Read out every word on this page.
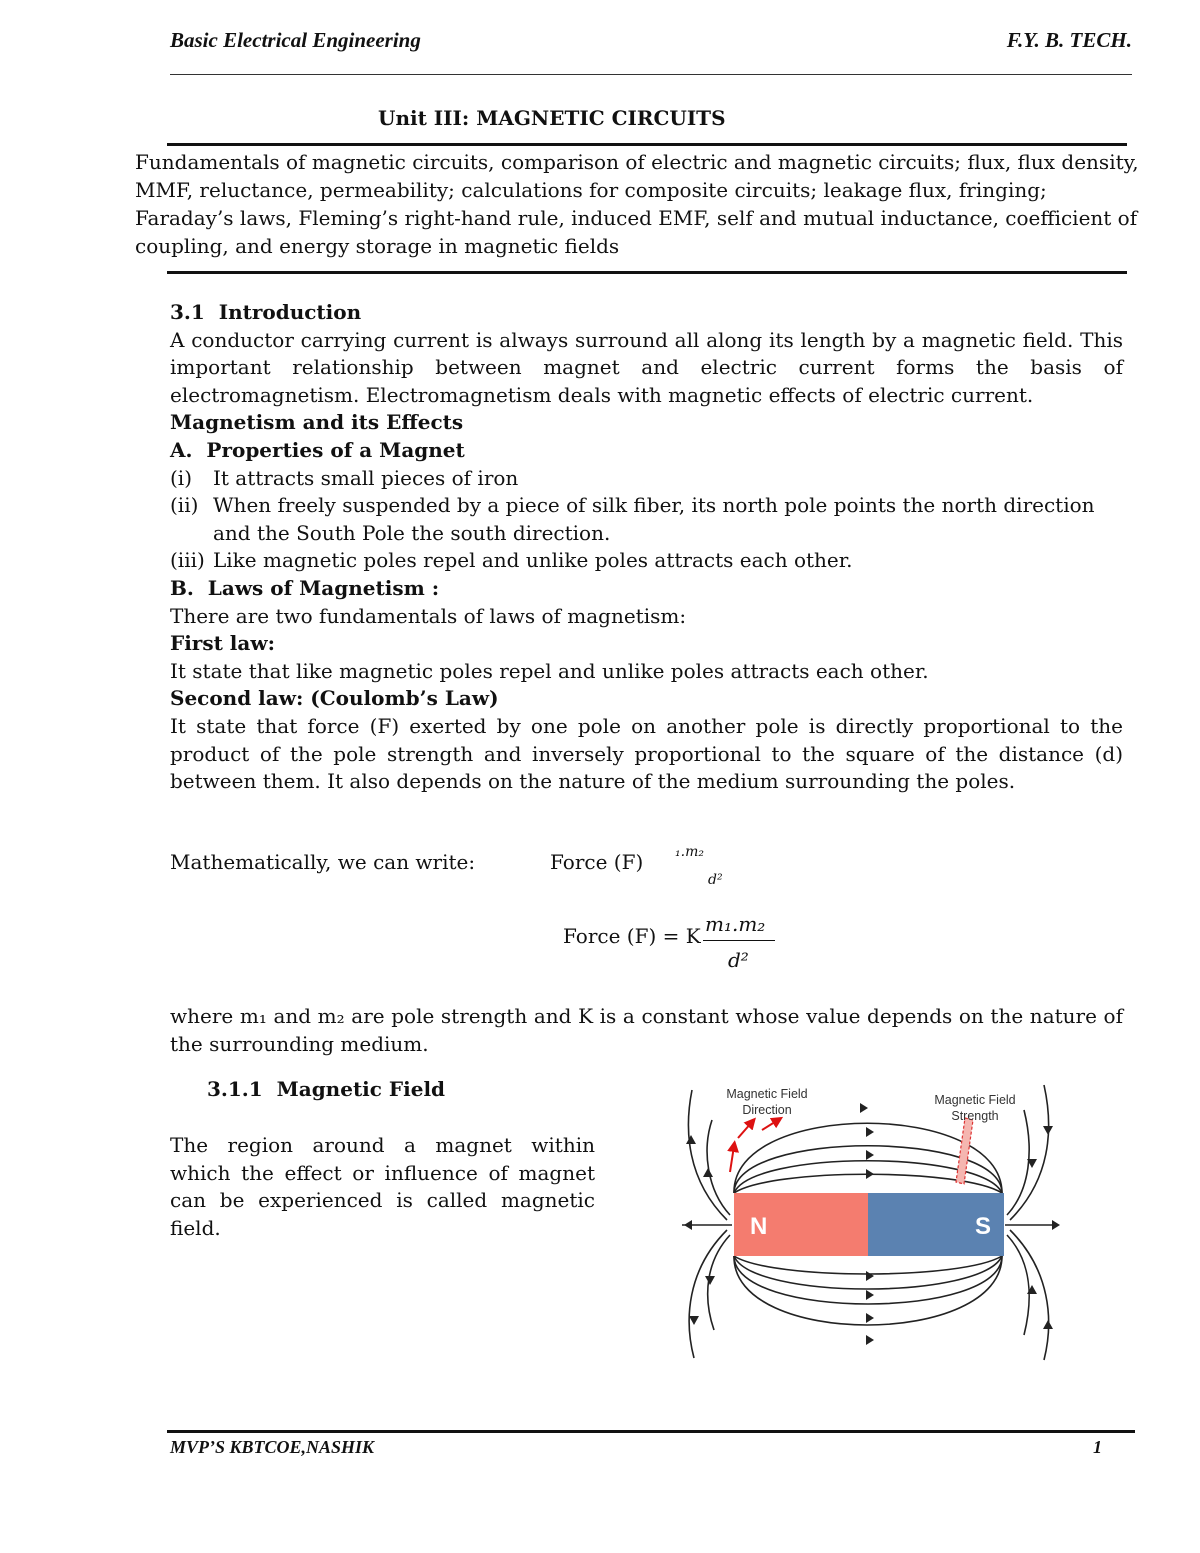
Basic Electrical Engineering	F.Y. B. TECH.
Unit III: MAGNETIC CIRCUITS
Fundamentals of magnetic circuits, comparison of electric and magnetic circuits; flux, flux density, MMF, reluctance, permeability; calculations for composite circuits; leakage flux, fringing; Faraday’s laws, Fleming’s right-hand rule, induced EMF, self and mutual inductance, coefficient of coupling, and energy storage in magnetic fields

3.1  Introduction

A conductor carrying current is always surround all along its length by a magnetic field. This important relationship between magnet and electric current forms the basis of electromagnetism. Electromagnetism deals with magnetic effects of electric current.

Magnetism and its Effects

A.  Properties of a Magnet

(i)	It attracts small pieces of iron
(ii) When freely suspended by a piece of silk fiber, its north pole points the north direction and the South Pole the south direction.
(iii) Like magnetic poles repel and unlike poles attracts each other.

B.  Laws of Magnetism :

There are two fundamentals of laws of magnetism:

First law:

It state that like magnetic poles repel and unlike poles attracts each other.

Second law: (Coulomb’s Law)

It state that force (F) exerted by one pole on another pole is directly proportional to the product of the pole strength and inversely proportional to the square of the distance (d) between them. It also depends on the nature of the medium surrounding the poles.

Mathematically, we can write:	Force (F) ₁.m₂
d²
Force (F) = K m₁.m₂
d²
where m₁ and m₂ are pole strength and K is a constant whose value depends on the nature of the surrounding medium.
3.1.1  Magnetic Field
The region around a magnet within which the effect or influence of magnet can be experienced is called magnetic field.	N	S
Magnetic Field
Direction
Magnetic Field
Strength
MVP’S KBTCOE,NASHIK	1
